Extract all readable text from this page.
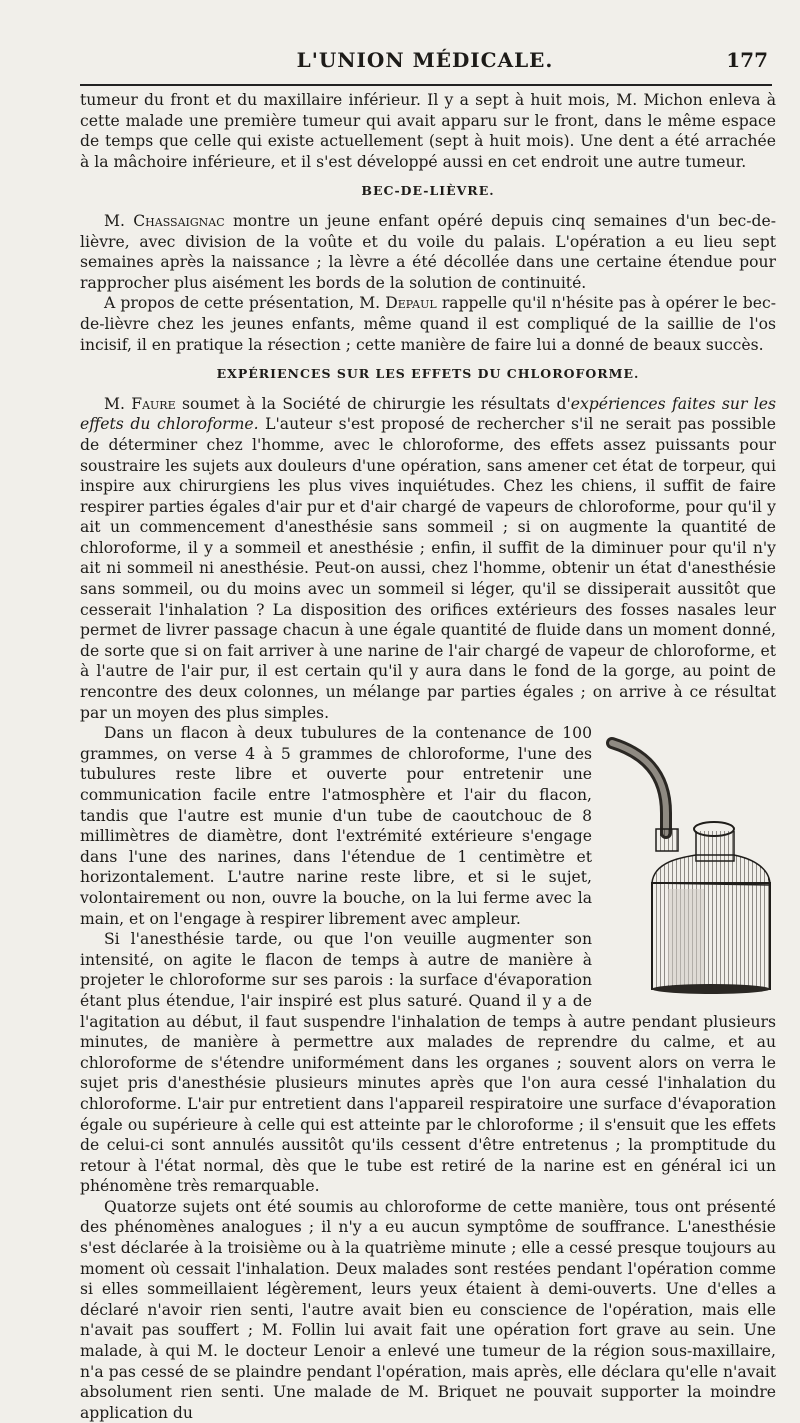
L'UNION MÉDICALE.	177

tumeur du front et du maxillaire inférieur. Il y a sept à huit mois, M. Michon enleva à cette malade une première tumeur qui avait apparu sur le front, dans le même espace de temps que celle qui existe actuellement (sept à huit mois). Une dent a été arrachée à la mâchoire inférieure, et il s'est développé aussi en cet endroit une autre tumeur.

BEC-DE-LIÈVRE.

M. Chassaignac montre un jeune enfant opéré depuis cinq semaines d'un bec-de-lièvre, avec division de la voûte et du voile du palais. L'opération a eu lieu sept semaines après la naissance ; la lèvre a été décollée dans une certaine étendue pour rapprocher plus aisément les bords de la solution de continuité.

A propos de cette présentation, M. Depaul rappelle qu'il n'hésite pas à opérer le bec-de-lièvre chez les jeunes enfants, même quand il est compliqué de la saillie de l'os incisif, il en pratique la résection ; cette manière de faire lui a donné de beaux succès.

EXPÉRIENCES SUR LES EFFETS DU CHLOROFORME.

M. Faure soumet à la Société de chirurgie les résultats d'expériences faites sur les effets du chloroforme. L'auteur s'est proposé de rechercher s'il ne serait pas possible de déterminer chez l'homme, avec le chloroforme, des effets assez puissants pour soustraire les sujets aux douleurs d'une opération, sans amener cet état de torpeur, qui inspire aux chirurgiens les plus vives inquiétudes. Chez les chiens, il suffit de faire respirer parties égales d'air pur et d'air chargé de vapeurs de chloroforme, pour qu'il y ait un commencement d'anesthésie sans sommeil ; si on augmente la quantité de chloroforme, il y a sommeil et anesthésie ; enfin, il suffit de la diminuer pour qu'il n'y ait ni sommeil ni anesthésie. Peut-on aussi, chez l'homme, obtenir un état d'anesthésie sans sommeil, ou du moins avec un sommeil si léger, qu'il se dissiperait aussitôt que cesserait l'inhalation ? La disposition des orifices extérieurs des fosses nasales leur permet de livrer passage chacun à une égale quantité de fluide dans un moment donné, de sorte que si on fait arriver à une narine de l'air chargé de vapeur de chloroforme, et à l'autre de l'air pur, il est certain qu'il y aura dans le fond de la gorge, au point de rencontre des deux colonnes, un mélange par parties égales ; on arrive à ce résultat par un moyen des plus simples.

Dans un flacon à deux tubulures de la contenance de 100 grammes, on verse 4 à 5 grammes de chloroforme, l'une des tubulures reste libre et ouverte pour entretenir une communication facile entre l'atmosphère et l'air du flacon, tandis que l'autre est munie d'un tube de caoutchouc de 8 millimètres de diamètre, dont l'extrémité extérieure s'engage dans l'une des narines, dans l'étendue de 1 centimètre et horizontalement. L'autre narine reste libre, et si le sujet, volontairement ou non, ouvre la bouche, on la lui ferme avec la main, et on l'engage à respirer librement avec ampleur.

Si l'anesthésie tarde, ou que l'on veuille augmenter son intensité, on agite le flacon de temps à autre de manière à projeter le chloroforme sur ses parois : la surface d'évaporation étant plus étendue, l'air inspiré est plus saturé. Quand il y a de l'agitation au début, il faut suspendre l'inhalation de temps à autre pendant plusieurs minutes, de manière à permettre aux malades de reprendre du calme, et au chloroforme de s'étendre uniformément dans les organes ; souvent alors on verra le sujet pris d'anesthésie plusieurs minutes après que l'on aura cessé l'inhalation du chloroforme. L'air pur entretient dans l'appareil respiratoire une surface d'évaporation égale ou supérieure à celle qui est atteinte par le chloroforme ; il s'ensuit que les effets de celui-ci sont annulés aussitôt qu'ils cessent d'être entretenus ; la promptitude du retour à l'état normal, dès que le tube est retiré de la narine est en général ici un phénomène très remarquable.

Quatorze sujets ont été soumis au chloroforme de cette manière, tous ont présenté des phénomènes analogues ; il n'y a eu aucun symptôme de souffrance. L'anesthésie s'est déclarée à la troisième ou à la quatrième minute ; elle a cessé presque toujours au moment où cessait l'inhalation. Deux malades sont restées pendant l'opération comme si elles sommeillaient légèrement, leurs yeux étaient à demi-ouverts. Une d'elles a déclaré n'avoir rien senti, l'autre avait bien eu conscience de l'opération, mais elle n'avait pas souffert ; M. Follin lui avait fait une opération fort grave au sein. Une malade, à qui M. le docteur Lenoir a enlevé une tumeur de la région sous-maxillaire, n'a pas cessé de se plaindre pendant l'opération, mais après, elle déclara qu'elle n'avait absolument rien senti. Une malade de M. Briquet ne pouvait supporter la moindre application du
